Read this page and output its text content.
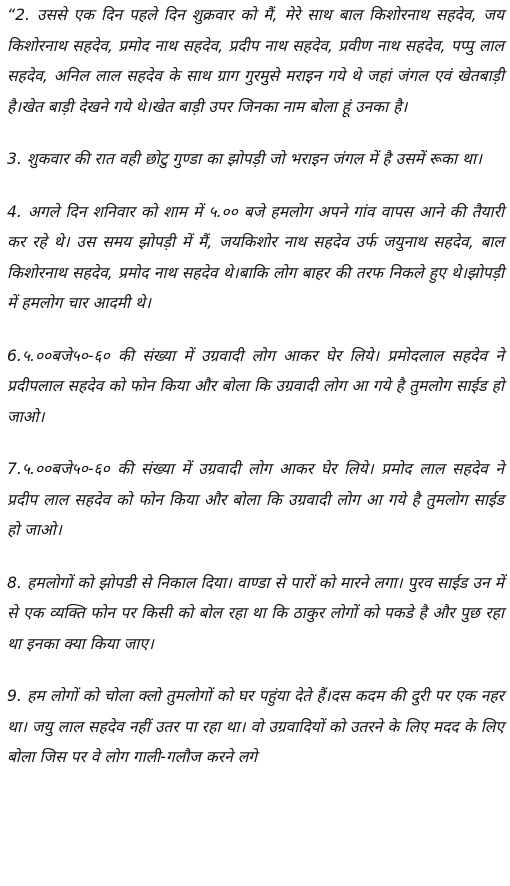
“2. उससे एक दिन पहले दिन शुक्रवार को मैं, मेरे साथ बाल किशोरनाथ सहदेव, जय किशोरनाथ सहदेव, प्रमोद नाथ सहदेव, प्रदीप नाथ सहदेव, प्रवीण नाथ सहदेव, पप्पु लाल सहदेव, अनिल लाल सहदेव के साथ ग्राग गुरमुसे मराइन गये थे जहां जंगल एवं खेतबाड़ी है।खेत बाड़ी देखने गये थे।खेत बाड़ी उपर जिनका नाम बोला हूं उनका है।

3. शुकवार की रात वही छोटु गुण्डा का झोपड़ी जो भराइन जंगल में है उसमें रूका था।

4. अगले दिन शनिवार को शाम में ५.०० बजे हमलोग अपने गांव वापस आने की तैयारी कर रहे थे। उस समय झोपड़ी में मैं, जयकिशोर नाथ सहदेव उर्फ जयुनाथ सहदेव, बाल किशोरनाथ सहदेव, प्रमोद नाथ सहदेव थे।बाकि लोग बाहर की तरफ निकले हुए थे।झोपड़ी में हमलोग चार आदमी थे।

6.५.००बजे५०-६० की संख्या में उग्रवादी लोग आकर घेर लिये। प्रमोदलाल सहदेव ने प्रदीपलाल सहदेव को फोन किया और बोला कि उग्रवादी लोग आ गये है तुमलोग साईड हो जाओ।

7.५.००बजे५०-६० की संख्या में उग्रवादी लोग आकर घेर लिये। प्रमोद लाल सहदेव ने प्रदीप लाल सहदेव को फोन किया और बोला कि उग्रवादी लोग आ गये है तुमलोग साईड हो जाओ।

8. हमलोगों को झोपडी से निकाल दिया। वाण्डा से पारों को मारने लगा। पुरव साईड उन में से एक व्यक्ति फोन पर किसी को बोल रहा था कि ठाकुर लोगों को पकडे है और पुछ रहा था इनका क्या किया जाए।

9. हम लोगों को चोला क्लो तुमलोगों को घर पहुंया देते हैं।दस कदम की दुरी पर एक नहर था। जयु लाल सहदेव नहीं उतर पा रहा था। वो उग्रवादियों को उतरने के लिए मदद के लिए बोला जिस पर वे लोग गाली-गलौज करने लगे
